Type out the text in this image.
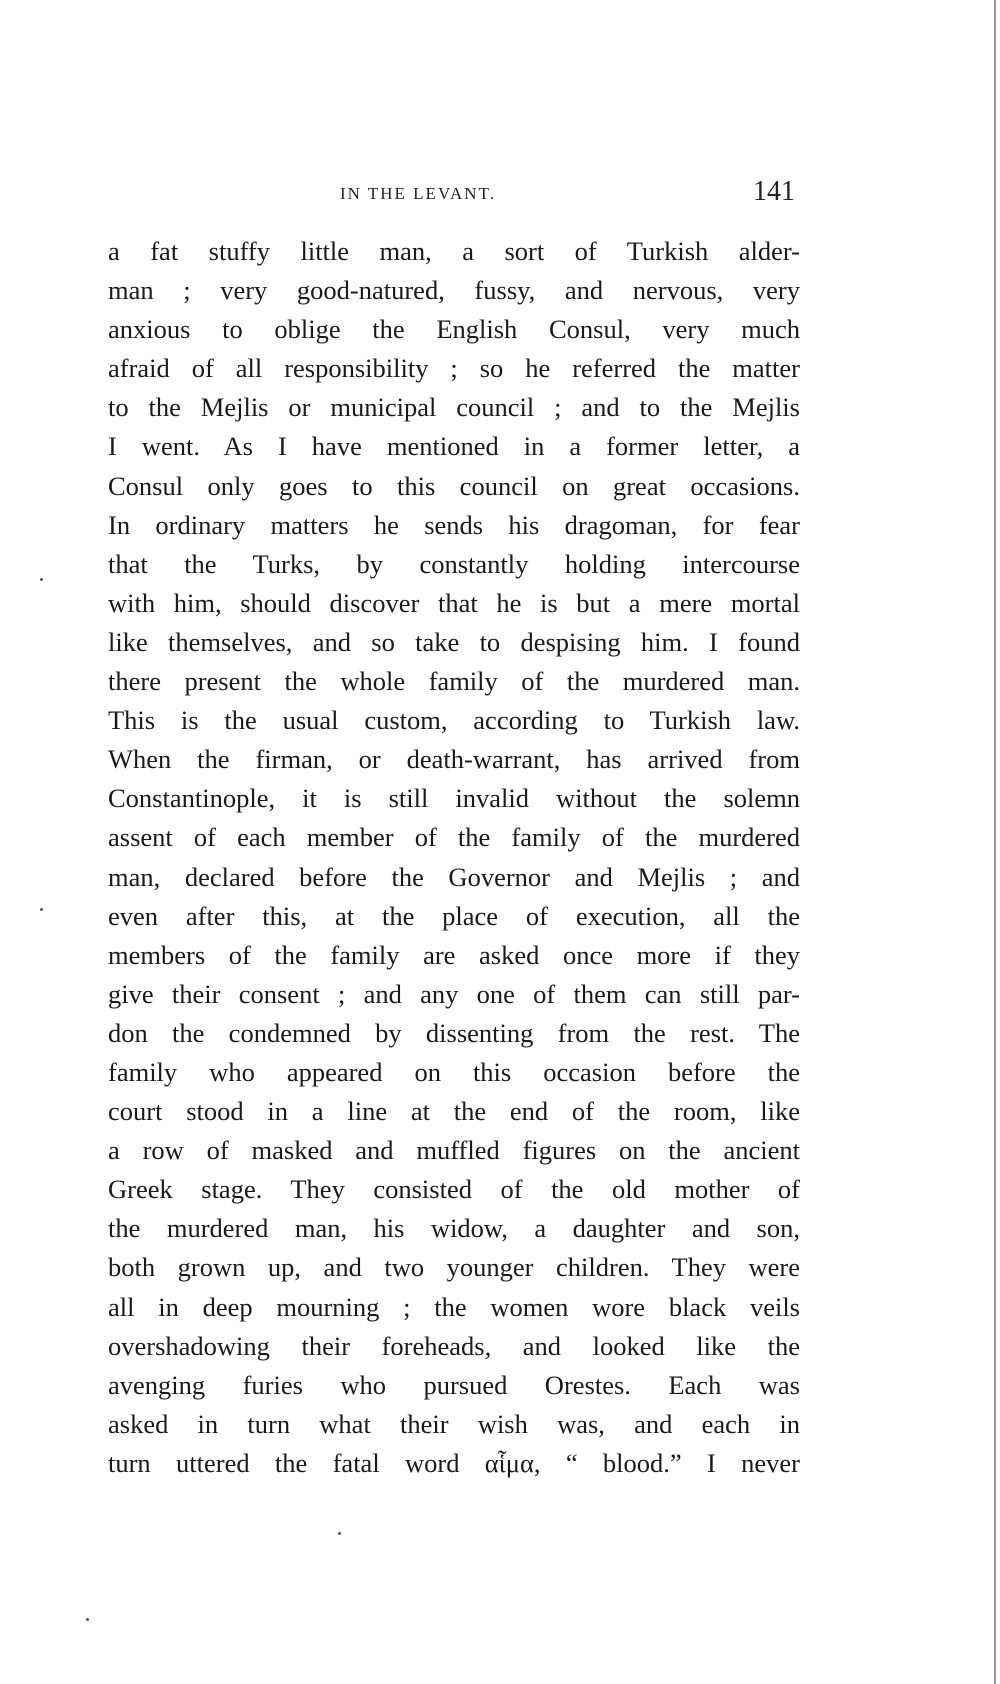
IN THE LEVANT.	141
a fat stuffy little man, a sort of Turkish alder-
man ; very good-natured, fussy, and nervous, very
anxious to oblige the English Consul, very much
afraid of all responsibility ; so he referred the matter
to the Mejlis or municipal council ; and to the Mejlis
I went. As I have mentioned in a former letter, a
Consul only goes to this council on great occasions.
In ordinary matters he sends his dragoman, for fear
that the Turks, by constantly holding intercourse
with him, should discover that he is but a mere mortal
like themselves, and so take to despising him. I found
there present the whole family of the murdered man.
This is the usual custom, according to Turkish law.
When the firman, or death-warrant, has arrived from
Constantinople, it is still invalid without the solemn
assent of each member of the family of the murdered
man, declared before the Governor and Mejlis ; and
even after this, at the place of execution, all the
members of the family are asked once more if they
give their consent ; and any one of them can still par-
don the condemned by dissenting from the rest. The
family who appeared on this occasion before the
court stood in a line at the end of the room, like
a row of masked and muffled figures on the ancient
Greek stage. They consisted of the old mother of
the murdered man, his widow, a daughter and son,
both grown up, and two younger children. They were
all in deep mourning ; the women wore black veils
overshadowing their foreheads, and looked like the
avenging furies who pursued Orestes. Each was
asked in turn what their wish was, and each in
turn uttered the fatal word αἷμα, “ blood.” I never
